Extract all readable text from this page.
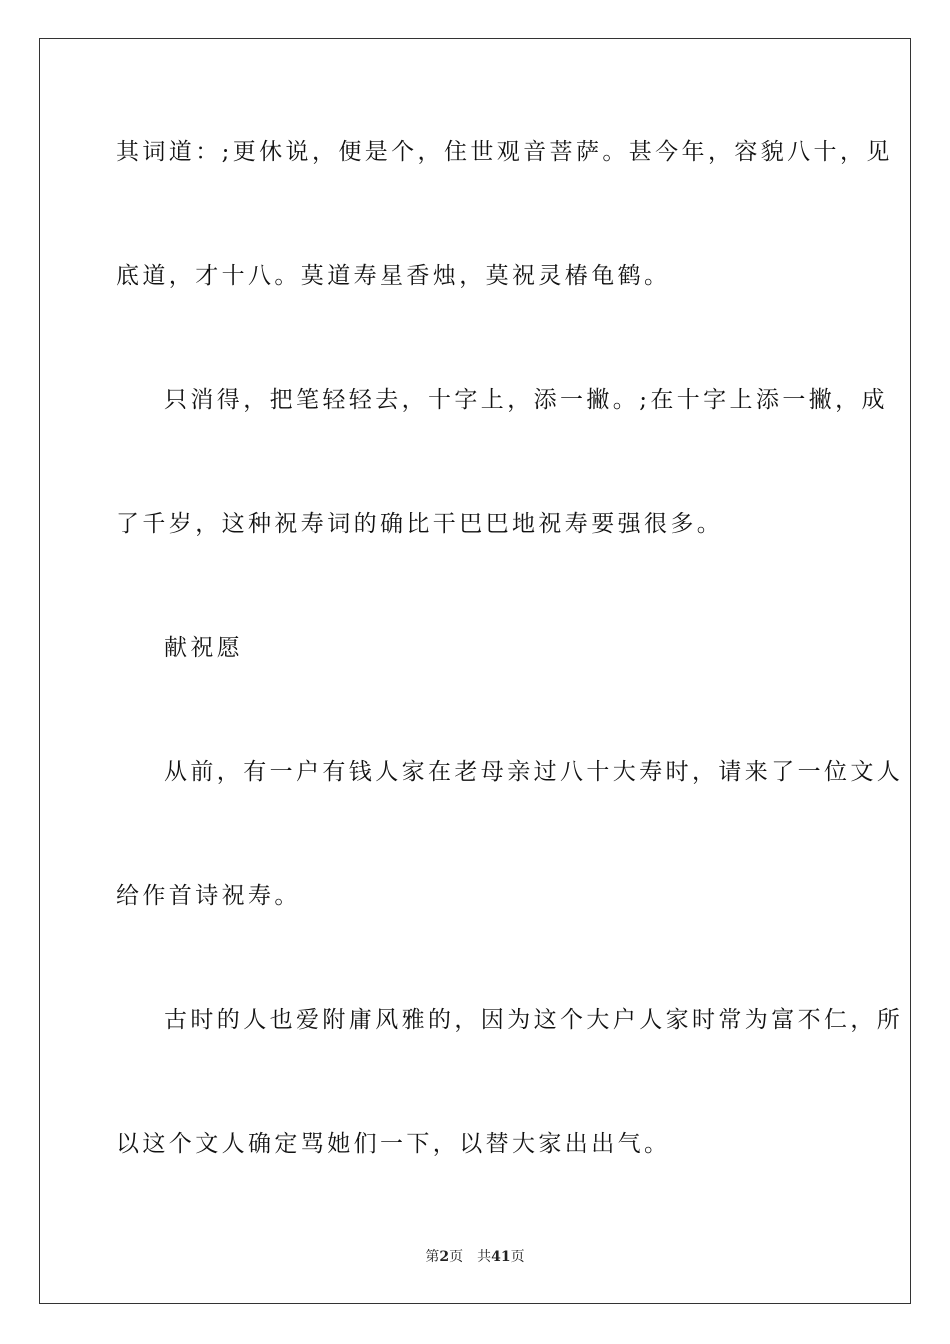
其词道：;更休说，便是个，住世观音菩萨。甚今年，容貌八十，见
底道，才十八。莫道寿星香烛，莫祝灵椿龟鹤。
只消得，把笔轻轻去，十字上，添一撇。;在十字上添一撇，成
了千岁，这种祝寿词的确比干巴巴地祝寿要强很多。
献祝愿
从前，有一户有钱人家在老母亲过八十大寿时，请来了一位文人
给作首诗祝寿。
古时的人也爱附庸风雅的，因为这个大户人家时常为富不仁，所
以这个文人确定骂她们一下，以替大家出出气。
第2页 共41页
